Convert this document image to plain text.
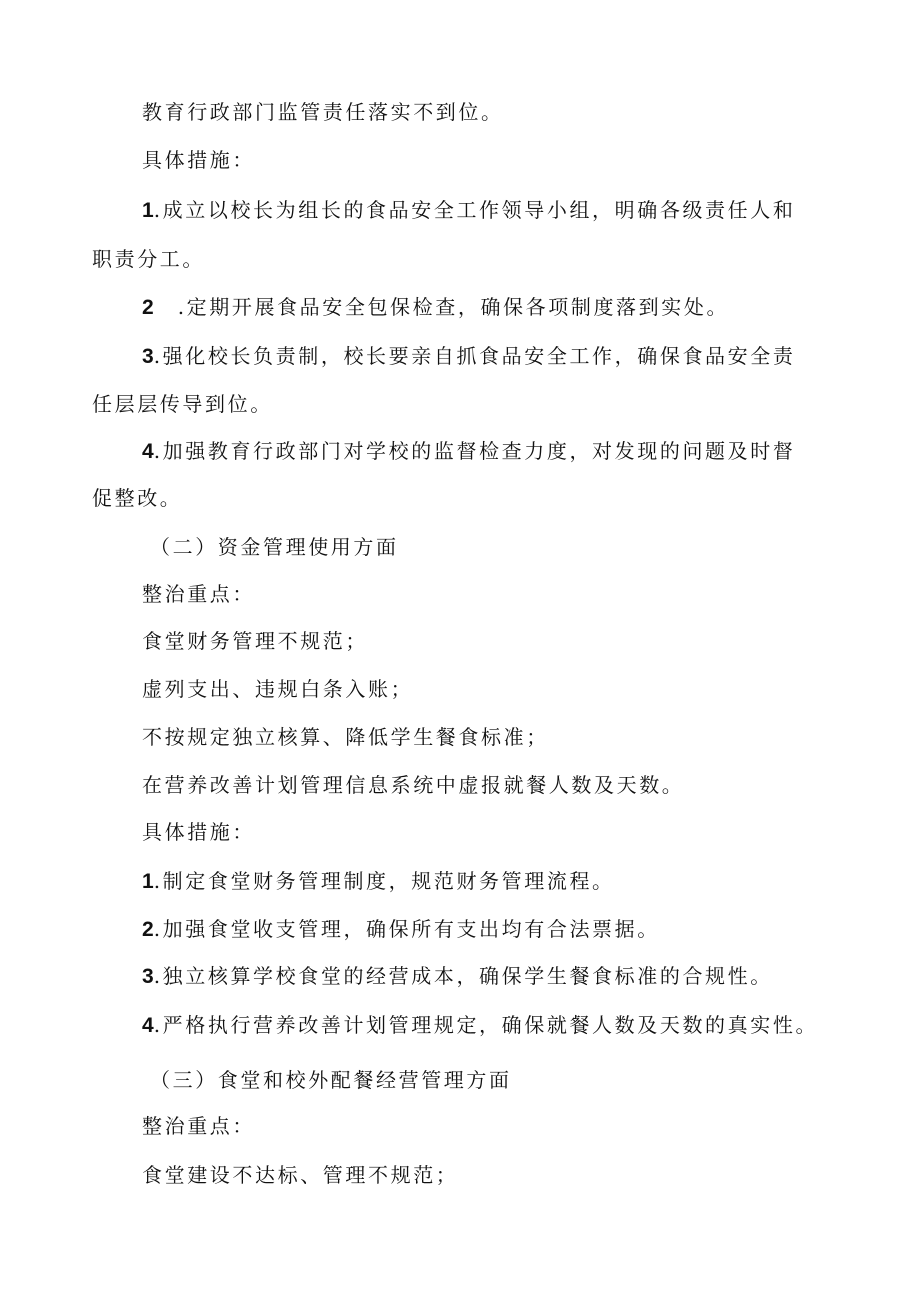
教育行政部门监管责任落实不到位。
具体措施：
1.成立以校长为组长的食品安全工作领导小组，明确各级责任人和
职责分工。
2 .定期开展食品安全包保检查，确保各项制度落到实处。
3.强化校长负责制，校长要亲自抓食品安全工作，确保食品安全责
任层层传导到位。
4.加强教育行政部门对学校的监督检查力度，对发现的问题及时督
促整改。
（二）资金管理使用方面
整治重点：
食堂财务管理不规范；
虚列支出、违规白条入账；
不按规定独立核算、降低学生餐食标准；
在营养改善计划管理信息系统中虚报就餐人数及天数。
具体措施：
1.制定食堂财务管理制度，规范财务管理流程。
2.加强食堂收支管理，确保所有支出均有合法票据。
3.独立核算学校食堂的经营成本，确保学生餐食标准的合规性。
4.严格执行营养改善计划管理规定，确保就餐人数及天数的真实性。
（三）食堂和校外配餐经营管理方面
整治重点：
食堂建设不达标、管理不规范；
